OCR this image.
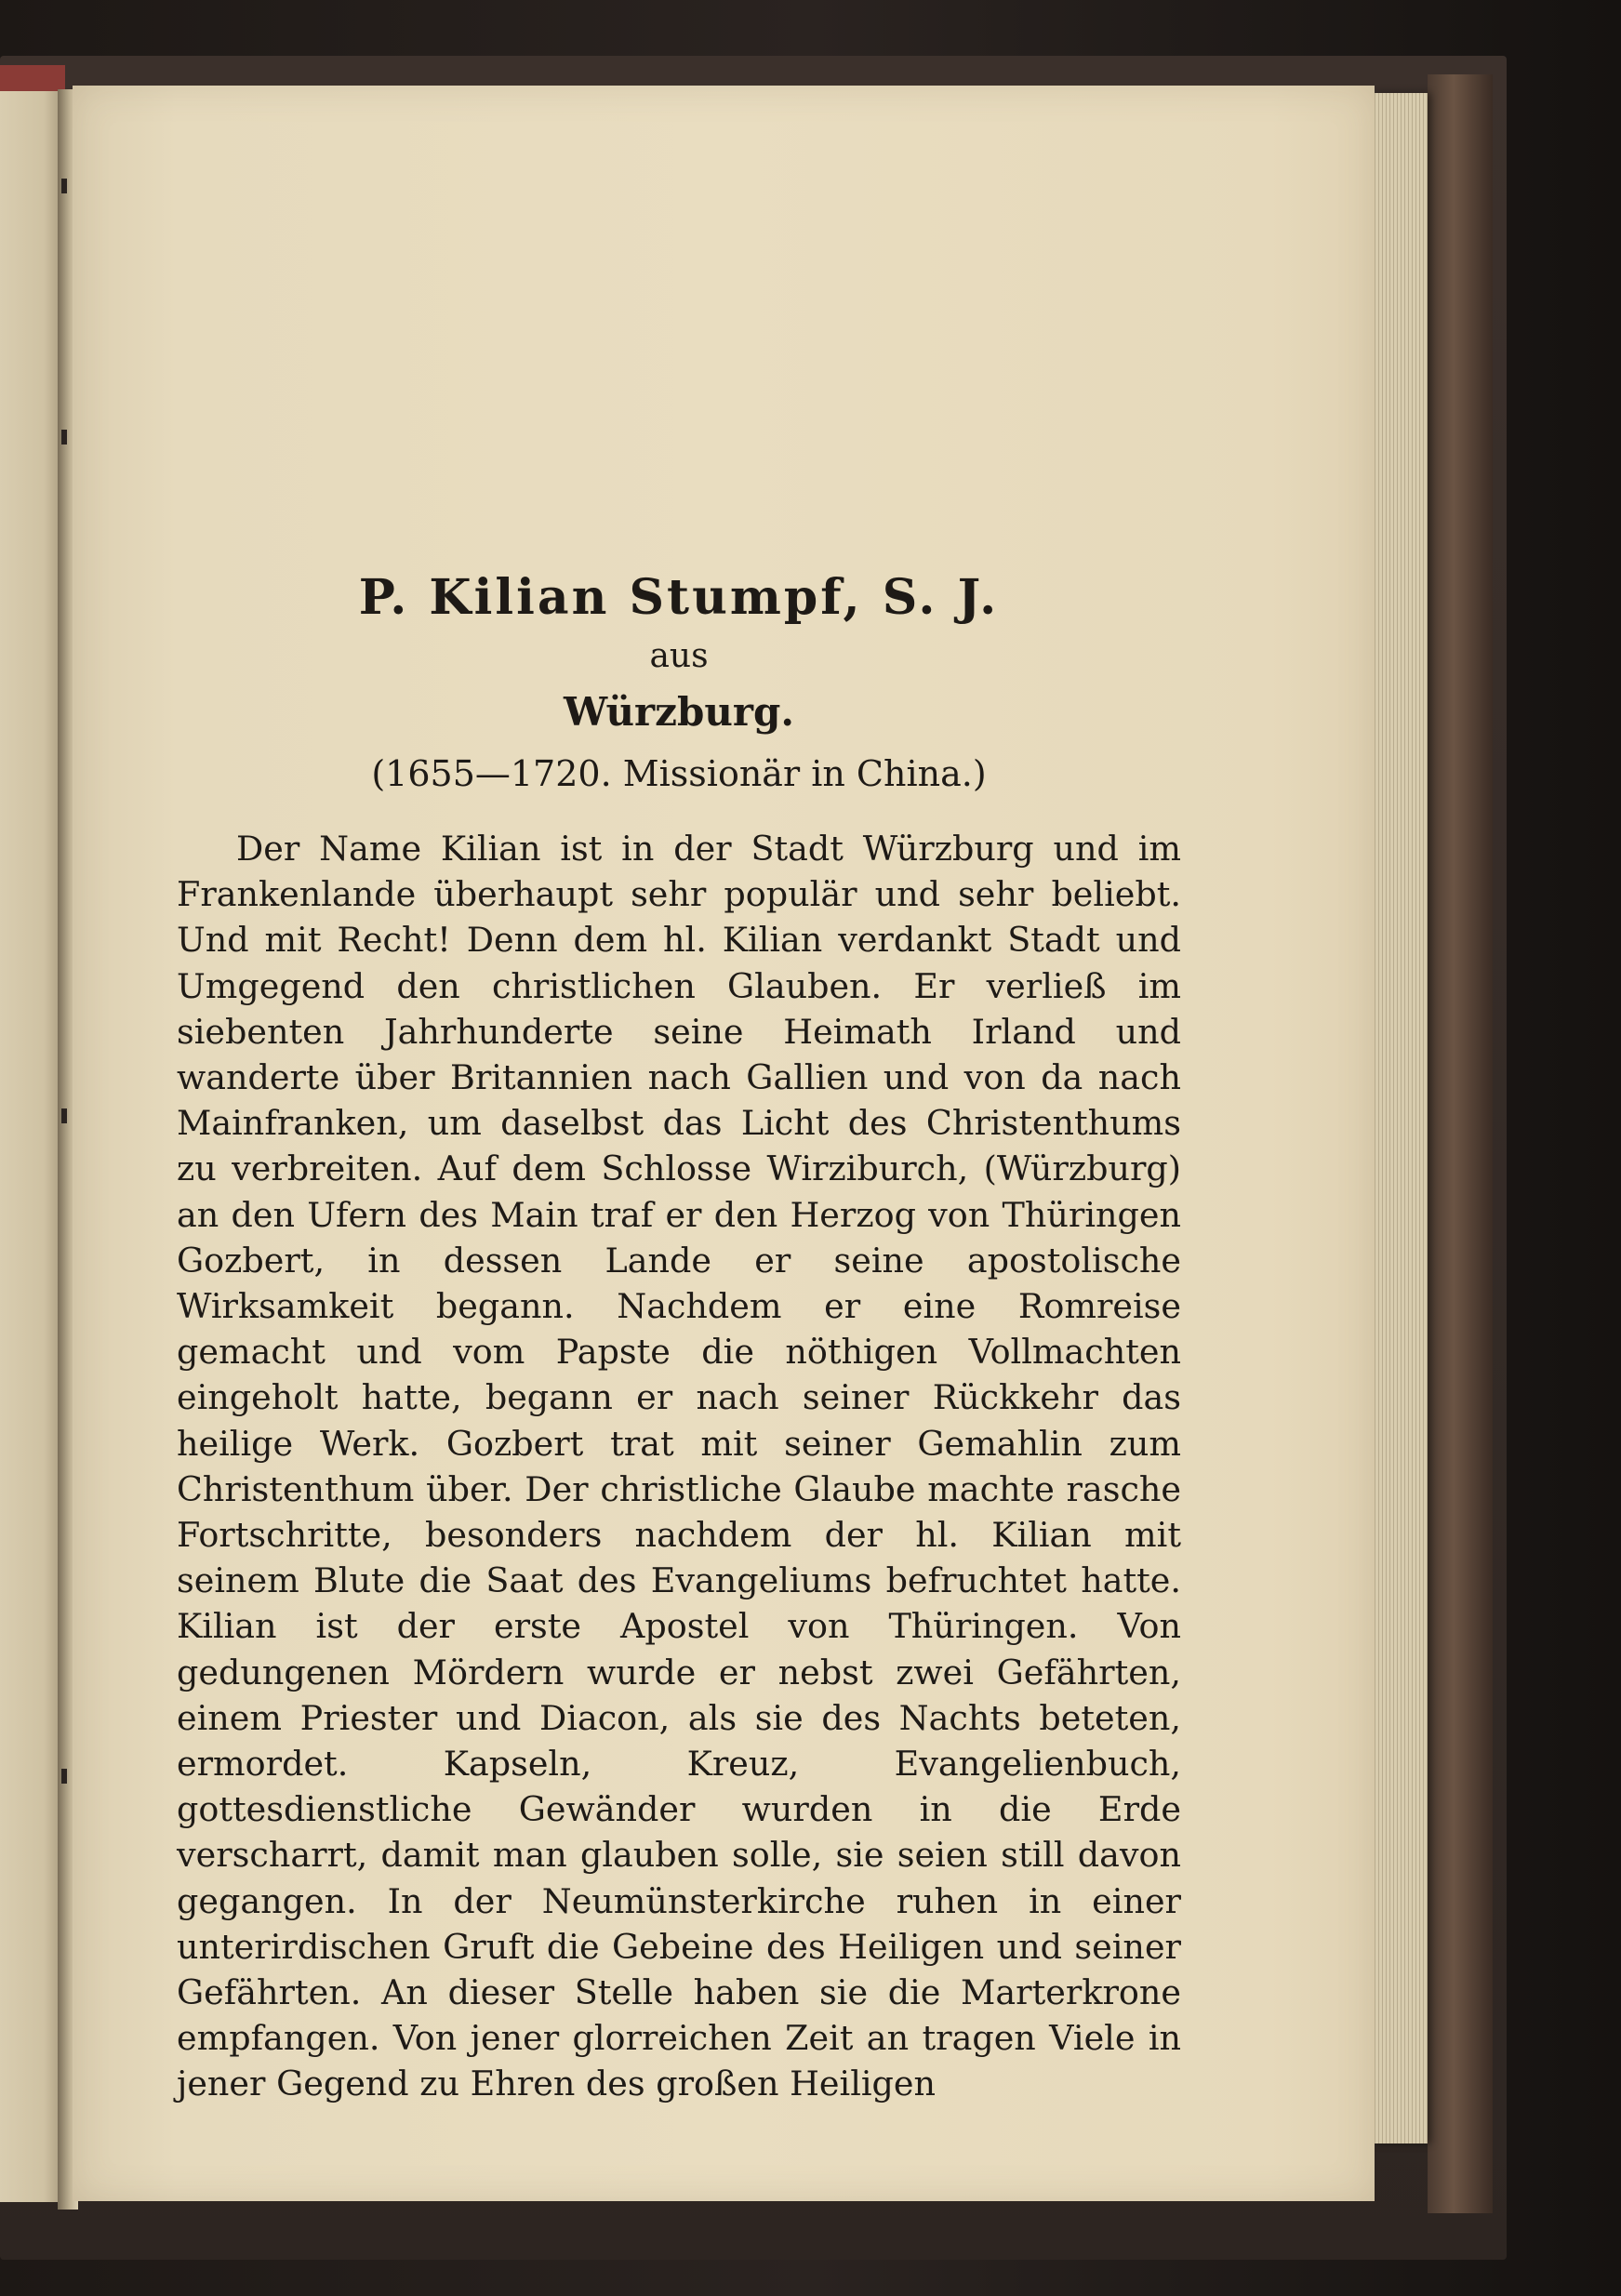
P. Kilian Stumpf, S. J.
aus
Würzburg.
(1655—1720. Missionär in China.)

Der Name Kilian ist in der Stadt Würzburg und im Frankenlande überhaupt sehr populär und sehr beliebt. Und mit Recht! Denn dem hl. Kilian verdankt Stadt und Umgegend den christlichen Glauben. Er verließ im siebenten Jahrhunderte seine Heimath Irland und wanderte über Britannien nach Gallien und von da nach Mainfranken, um daselbst das Licht des Christenthums zu verbreiten. Auf dem Schlosse Wirziburch, (Würzburg) an den Ufern des Main traf er den Herzog von Thüringen Gozbert, in dessen Lande er seine apostolische Wirksamkeit begann. Nachdem er eine Romreise gemacht und vom Papste die nöthigen Vollmachten eingeholt hatte, begann er nach seiner Rückkehr das heilige Werk. Gozbert trat mit seiner Gemahlin zum Christenthum über. Der christliche Glaube machte rasche Fortschritte, besonders nachdem der hl. Kilian mit seinem Blute die Saat des Evangeliums befruchtet hatte. Kilian ist der erste Apostel von Thüringen. Von gedungenen Mördern wurde er nebst zwei Gefährten, einem Priester und Diacon, als sie des Nachts beteten, ermordet. Kapseln, Kreuz, Evangelienbuch, gottesdienstliche Gewänder wurden in die Erde verscharrt, damit man glauben solle, sie seien still davon gegangen. In der Neumünsterkirche ruhen in einer unterirdischen Gruft die Gebeine des Heiligen und seiner Gefährten. An dieser Stelle haben sie die Marterkrone empfangen. Von jener glorreichen Zeit an tragen Viele in jener Gegend zu Ehren des großen Heiligen
